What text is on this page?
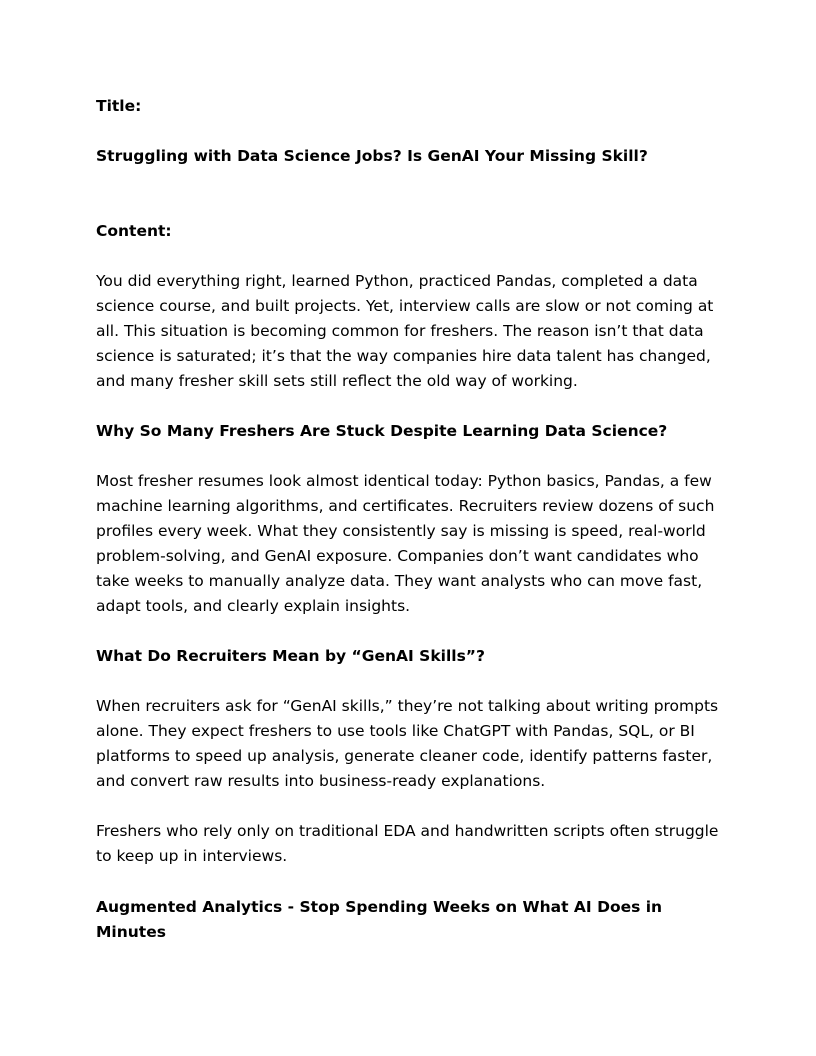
Title:

Struggling with Data Science Jobs? Is GenAI Your Missing Skill?

Content:

You did everything right, learned Python, practiced Pandas, completed a data science course, and built projects. Yet, interview calls are slow or not coming at all. This situation is becoming common for freshers. The reason isn’t that data science is saturated; it’s that the way companies hire data talent has changed, and many fresher skill sets still reflect the old way of working.

Why So Many Freshers Are Stuck Despite Learning Data Science?

Most fresher resumes look almost identical today: Python basics, Pandas, a few machine learning algorithms, and certificates. Recruiters review dozens of such profiles every week. What they consistently say is missing is speed, real-world problem-solving, and GenAI exposure. Companies don’t want candidates who take weeks to manually analyze data. They want analysts who can move fast, adapt tools, and clearly explain insights.

What Do Recruiters Mean by “GenAI Skills”?

When recruiters ask for “GenAI skills,” they’re not talking about writing prompts alone. They expect freshers to use tools like ChatGPT with Pandas, SQL, or BI platforms to speed up analysis, generate cleaner code, identify patterns faster, and convert raw results into business-ready explanations.

Freshers who rely only on traditional EDA and handwritten scripts often struggle to keep up in interviews.

Augmented Analytics - Stop Spending Weeks on What AI Does in Minutes
